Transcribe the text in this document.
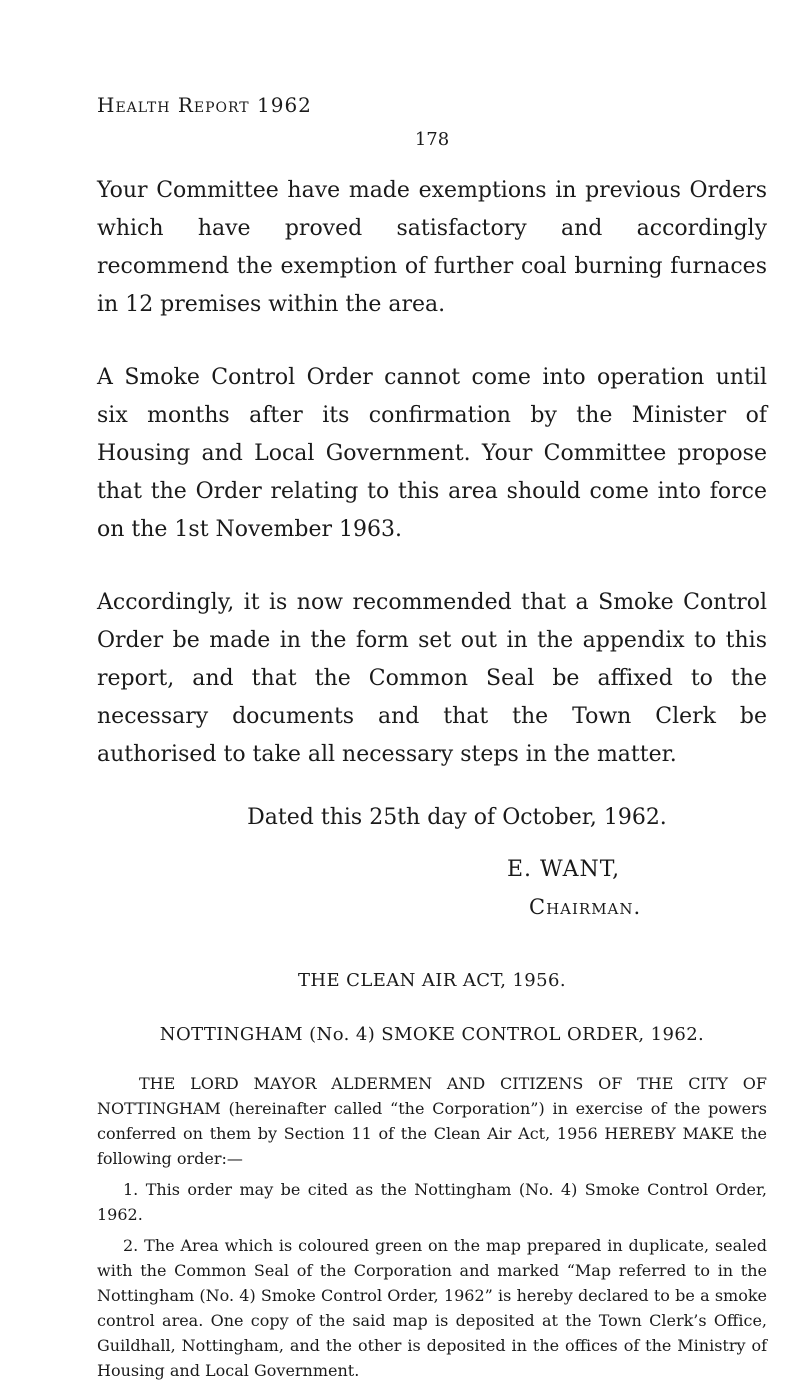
Health Report 1962

178

Your Committee have made exemptions in previous Orders which have proved satisfactory and accordingly recommend the exemption of further coal burning furnaces in 12 premises within the area.

A Smoke Control Order cannot come into operation until six months after its confirmation by the Minister of Housing and Local Government. Your Committee propose that the Order relating to this area should come into force on the 1st November 1963.

Accordingly, it is now recommended that a Smoke Control Order be made in the form set out in the appendix to this report, and that the Common Seal be affixed to the necessary documents and that the Town Clerk be authorised to take all necessary steps in the matter.

Dated this 25th day of October, 1962.

E. WANT,

Chairman.

THE CLEAN AIR ACT, 1956.

NOTTINGHAM (No. 4) SMOKE CONTROL ORDER, 1962.

THE LORD MAYOR ALDERMEN AND CITIZENS OF THE CITY OF NOTTINGHAM (hereinafter called “the Corporation”) in exercise of the powers conferred on them by Section 11 of the Clean Air Act, 1956 HEREBY MAKE the following order:—

1. This order may be cited as the Nottingham (No. 4) Smoke Control Order, 1962.

2. The Area which is coloured green on the map prepared in duplicate, sealed with the Common Seal of the Corporation and marked “Map referred to in the Nottingham (No. 4) Smoke Control Order, 1962” is hereby declared to be a smoke control area. One copy of the said map is deposited at the Town Clerk’s Office, Guildhall, Nottingham, and the other is deposited in the offices of the Ministry of Housing and Local Government.
